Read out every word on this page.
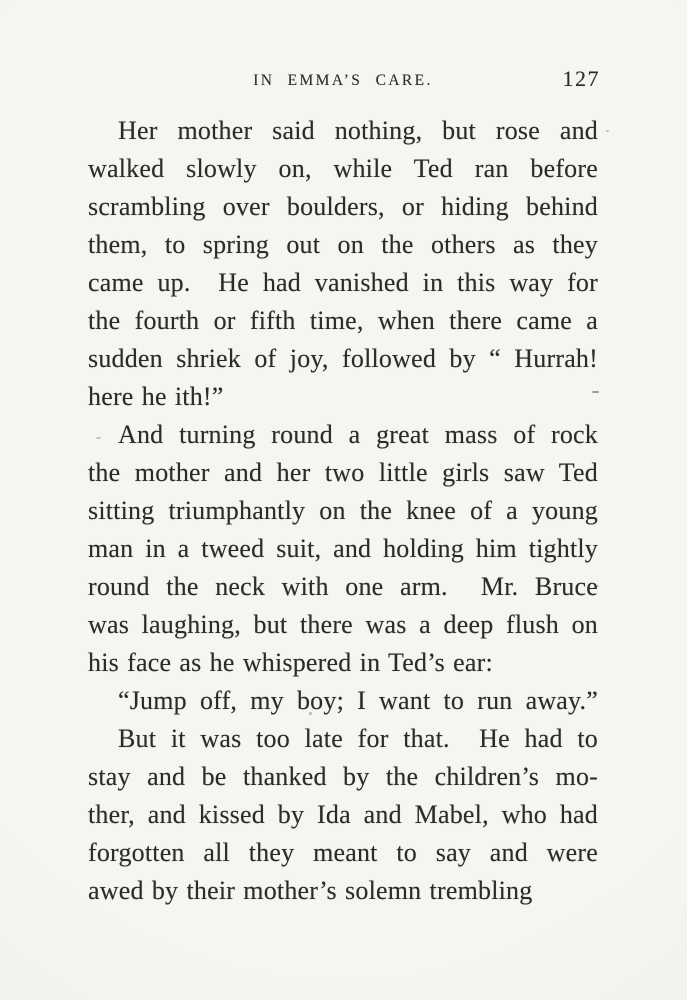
IN EMMA’S CARE.	127
Her mother said nothing, but rose and
walked slowly on, while Ted ran before
scrambling over boulders, or hiding behind
them, to spring out on the others as they
came up.  He had vanished in this way for
the fourth or fifth time, when there came a
sudden shriek of joy, followed by “ Hurrah!
here he ith!”
And turning round a great mass of rock
the mother and her two little girls saw Ted
sitting triumphantly on the knee of a young
man in a tweed suit, and holding him tightly
round the neck with one arm.  Mr. Bruce
was laughing, but there was a deep flush on
his face as he whispered in Ted’s ear:
“Jump off, my boy; I want to run away.”
But it was too late for that.  He had to
stay and be thanked by the children’s mo-
ther, and kissed by Ida and Mabel, who had
forgotten all they meant to say and were
awed by their mother’s solemn trembling
